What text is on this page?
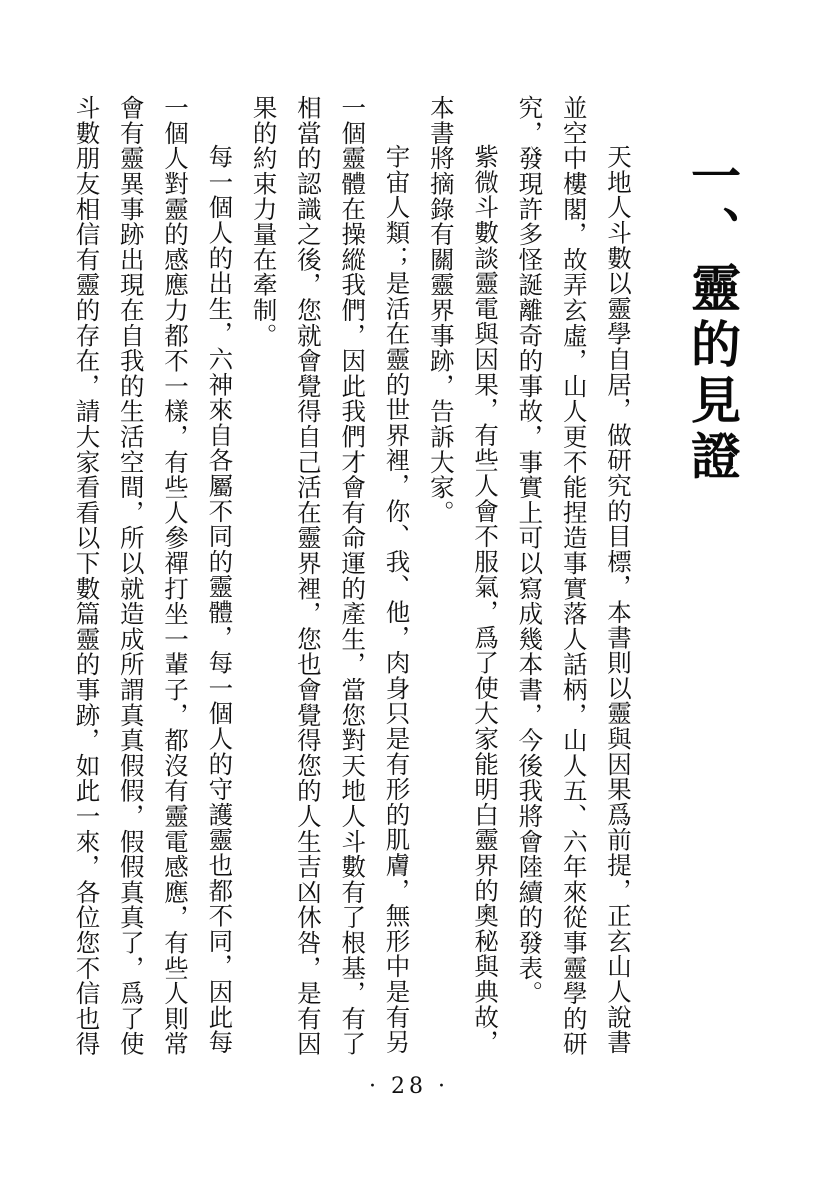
一、靈的見證
天地人斗數以靈學自居，做研究的目標，本書則以靈與因果爲前提，正玄山人說書
並空中樓閣，故弄玄虛，山人更不能捏造事實落人話柄，山人五、六年來從事靈學的研
究，發現許多怪誕離奇的事故，事實上可以寫成幾本書，今後我將會陸續的發表。
紫微斗數談靈電與因果，有些人會不服氣，爲了使大家能明白靈界的奧秘與典故，
本書將摘錄有關靈界事跡，告訴大家。
宇宙人類；是活在靈的世界裡，你、我、他，肉身只是有形的肌膚，無形中是有另
一個靈體在操縱我們，因此我們才會有命運的產生，當您對天地人斗數有了根基，有了
相當的認識之後，您就會覺得自己活在靈界裡，您也會覺得您的人生吉凶休咎，是有因
果的約束力量在牽制。
每一個人的出生，六神來自各屬不同的靈體，每一個人的守護靈也都不同，因此每
一個人對靈的感應力都不一樣，有些人參禪打坐一輩子，都沒有靈電感應，有些人則常
會有靈異事跡出現在自我的生活空間，所以就造成所謂真真假假，假假真真了，爲了使
斗數朋友相信有靈的存在，請大家看看以下數篇靈的事跡，如此一來，各位您不信也得
· 28 ·
